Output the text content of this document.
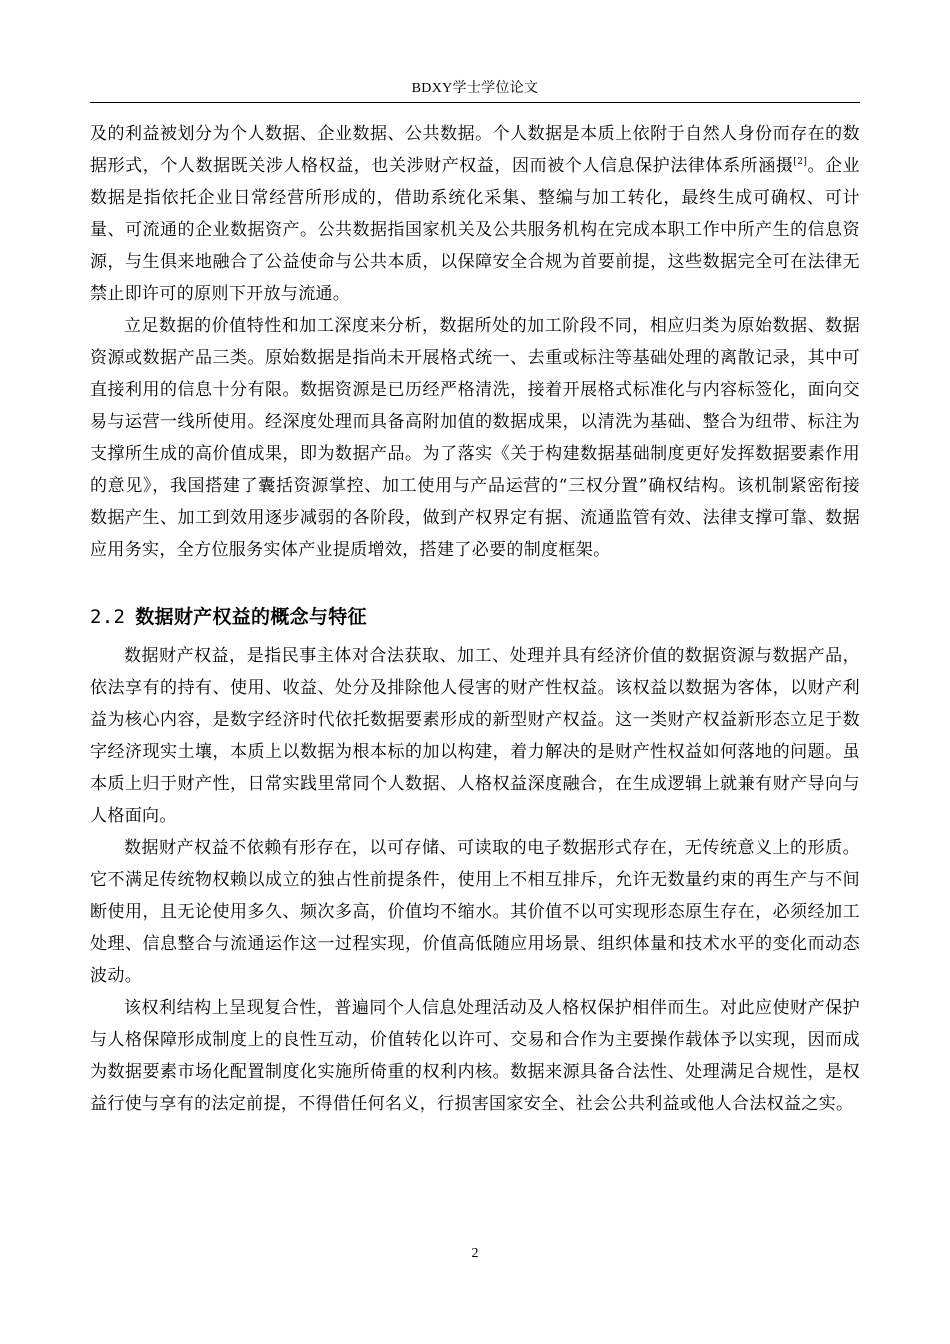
BDXY学士学位论文

及的利益被划分为个人数据、企业数据、公共数据。个人数据是本质上依附于自然人身份而存在的数据形式，个人数据既关涉人格权益，也关涉财产权益，因而被个人信息保护法律体系所涵摄[2]。企业数据是指依托企业日常经营所形成的，借助系统化采集、整编与加工转化，最终生成可确权、可计量、可流通的企业数据资产。公共数据指国家机关及公共服务机构在完成本职工作中所产生的信息资源，与生俱来地融合了公益使命与公共本质，以保障安全合规为首要前提，这些数据完全可在法律无禁止即许可的原则下开放与流通。

立足数据的价值特性和加工深度来分析，数据所处的加工阶段不同，相应归类为原始数据、数据资源或数据产品三类。原始数据是指尚未开展格式统一、去重或标注等基础处理的离散记录，其中可直接利用的信息十分有限。数据资源是已历经严格清洗，接着开展格式标准化与内容标签化，面向交易与运营一线所使用。经深度处理而具备高附加值的数据成果，以清洗为基础、整合为纽带、标注为支撑所生成的高价值成果，即为数据产品。为了落实《关于构建数据基础制度更好发挥数据要素作用的意见》，我国搭建了囊括资源掌控、加工使用与产品运营的“三权分置”确权结构。该机制紧密衔接数据产生、加工到效用逐步减弱的各阶段，做到产权界定有据、流通监管有效、法律支撑可靠、数据应用务实，全方位服务实体产业提质增效，搭建了必要的制度框架。

2.2 数据财产权益的概念与特征

数据财产权益，是指民事主体对合法获取、加工、处理并具有经济价值的数据资源与数据产品，依法享有的持有、使用、收益、处分及排除他人侵害的财产性权益。该权益以数据为客体，以财产利益为核心内容，是数字经济时代依托数据要素形成的新型财产权益。这一类财产权益新形态立足于数字经济现实土壤，本质上以数据为根本标的加以构建，着力解决的是财产性权益如何落地的问题。虽本质上归于财产性，日常实践里常同个人数据、人格权益深度融合，在生成逻辑上就兼有财产导向与人格面向。

数据财产权益不依赖有形存在，以可存储、可读取的电子数据形式存在，无传统意义上的形质。它不满足传统物权赖以成立的独占性前提条件，使用上不相互排斥，允许无数量约束的再生产与不间断使用，且无论使用多久、频次多高，价值均不缩水。其价值不以可实现形态原生存在，必须经加工处理、信息整合与流通运作这一过程实现，价值高低随应用场景、组织体量和技术水平的变化而动态波动。

该权利结构上呈现复合性，普遍同个人信息处理活动及人格权保护相伴而生。对此应使财产保护与人格保障形成制度上的良性互动，价值转化以许可、交易和合作为主要操作载体予以实现，因而成为数据要素市场化配置制度化实施所倚重的权利内核。数据来源具备合法性、处理满足合规性，是权益行使与享有的法定前提，不得借任何名义，行损害国家安全、社会公共利益或他人合法权益之实。

2
